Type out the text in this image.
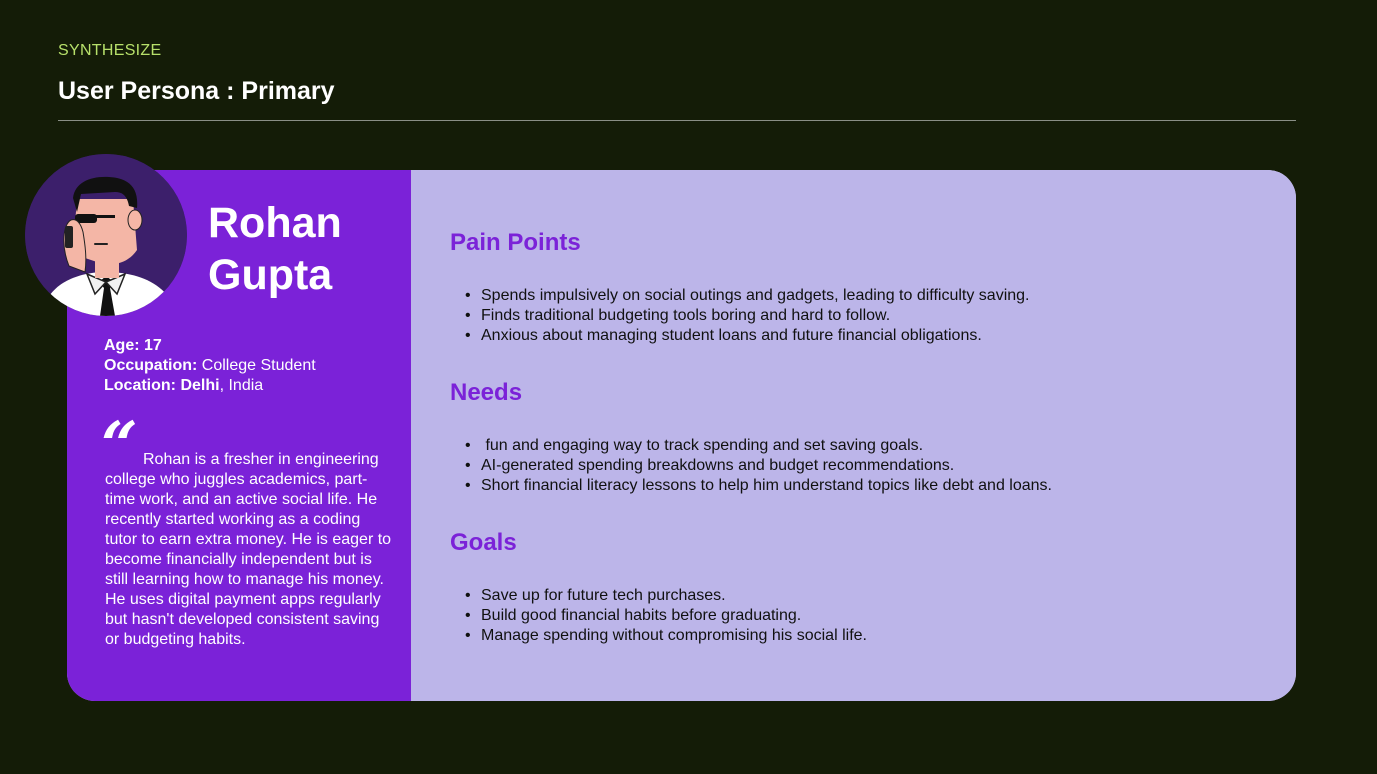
SYNTHESIZE
User Persona : Primary
Rohan
Gupta
Age: 17
Occupation: College Student
Location: Delhi, India
“ Rohan is a fresher in engineering college who juggles academics, part-time work, and an active social life. He recently started working as a coding tutor to earn extra money. He is eager to become financially independent but is still learning how to manage his money. He uses digital payment apps regularly but hasn't developed consistent saving or budgeting habits.
Pain Points
• Spends impulsively on social outings and gadgets, leading to difficulty saving.
• Finds traditional budgeting tools boring and hard to follow.
• Anxious about managing student loans and future financial obligations.
Needs
•  fun and engaging way to track spending and set saving goals.
• AI-generated spending breakdowns and budget recommendations.
• Short financial literacy lessons to help him understand topics like debt and loans.
Goals
• Save up for future tech purchases.
• Build good financial habits before graduating.
• Manage spending without compromising his social life.
